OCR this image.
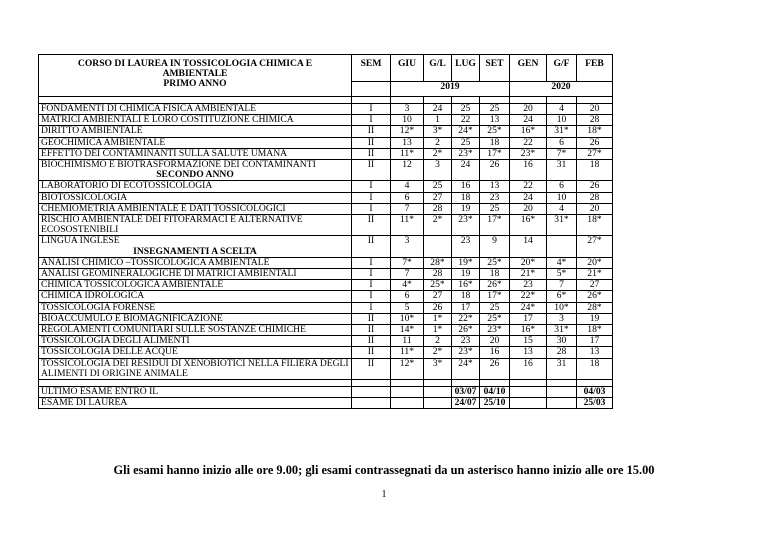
CORSO DI LAUREA IN TOSSICOLOGIA CHIMICA E
AMBIENTALE
PRIMO ANNO	SEM	GIU	G/L	LUG	SET	GEN	G/F	FEB
		2019				2020		

FONDAMENTI DI CHIMICA FISICA AMBIENTALE	I	3	24	25	25	20	4	20
MATRICI AMBIENTALI E LORO COSTITUZIONE CHIMICA	I	10	1	22	13	24	10	28
DIRITTO AMBIENTALE	II	12*	3*	24*	25*	16*	31*	18*
GEOCHIMICA AMBIENTALE	II	13	2	25	18	22	6	26
EFFETTO DEI CONTAMINANTI SULLA SALUTE UMANA	II	11*	2*	23*	17*	23*	7*	27*
BIOCHIMISMO E BIOTRASFORMAZIONE DEI CONTAMINANTI
SECONDO ANNO	II	12	3	24	26	16	31	18
LABORATORIO DI ECOTOSSICOLOGIA	I	4	25	16	13	22	6	26
BIOTOSSICOLOGIA	I	6	27	18	23	24	10	28
CHEMIOMETRIA AMBIENTALE E DATI TOSSICOLOGICI	I	7	28	19	25	20	4	20
RISCHIO AMBIENTALE DEI FITOFARMACI E ALTERNATIVE ECOSOSTENIBILI	II	11*	2*	23*	17*	16*	31*	18*
LINGUA INGLESE
INSEGNAMENTI A SCELTA	II	3		23	9	14		27*
ANALISI CHIMICO –TOSSICOLOGICA AMBIENTALE	I	7*	28*	19*	25*	20*	4*	20*
ANALISI GEOMINERALOGICHE DI MATRICI AMBIENTALI	I	7	28	19	18	21*	5*	21*
CHIMICA TOSSICOLOGICA AMBIENTALE	I	4*	25*	16*	26*	23	7	27
CHIMICA IDROLOGICA	I	6	27	18	17*	22*	6*	26*
TOSSICOLOGIA FORENSE	I	5	26	17	25	24*	10*	28*
BIOACCUMULO E BIOMAGNIFICAZIONE	II	10*	1*	22*	25*	17	3	19
REGOLAMENTI COMUNITARI SULLE SOSTANZE CHIMICHE	II	14*	1*	26*	23*	16*	31*	18*
TOSSICOLOGIA DEGLI ALIMENTI	II	11	2	23	20	15	30	17
TOSSICOLOGIA DELLE ACQUE	II	11*	2*	23*	16	13	28	13
TOSSICOLOGIA DEI RESIDUI DI XENOBIOTICI NELLA FILIERA DEGLI ALIMENTI DI ORIGINE ANIMALE	II	12*	3*	24*	26	16	31	18

ULTIMO ESAME ENTRO IL				03/07	04/10			04/03
ESAME DI LAUREA				24/07	25/10			25/03
Gli esami hanno inizio alle ore 9.00; gli esami contrassegnati da un asterisco hanno inizio alle ore 15.00
1
